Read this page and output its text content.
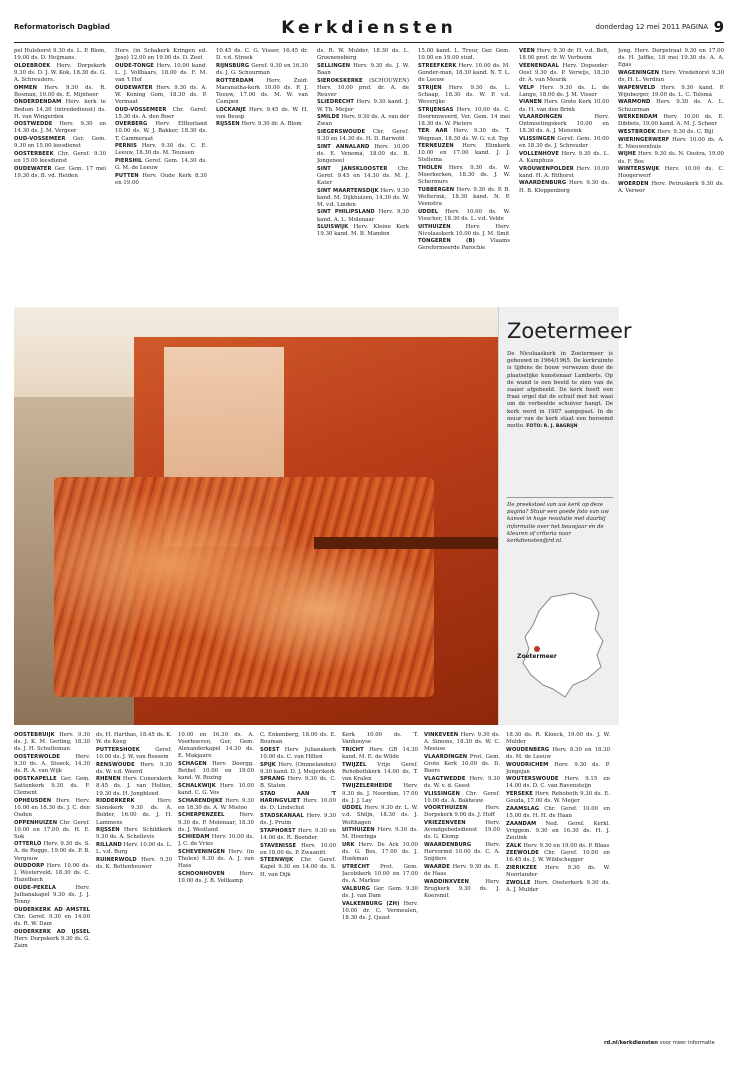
Reformatorisch Dagblad	Kerkdiensten	donderdag 12 mei 2011 PAGINA 9
pel Hulshorst 9.30 ds. L. P. Blom, 19.00 ds. D. Heijmans.
OLDEBROEK Herv. Dorpskerk 9.30 ds. D. J. W. Kok, 18.30 ds. G. A. Schreuders.
OMMEN Herv. 9.30 ds. R. Bosman, 19.00 ds. E. Mijnheer
ONDERDENDAM Herv. kerk te Bedum 14.30 (intrededienst) ds. H. van Wingerden
OOSTWEDDE Herv. 9.30 en 14.30 ds. J. M. Vergeer
OUD-VOSSEMEER Ger. Gem. 9.30 en 15.00 leesdienst
OOSTERBEEK Chr. Geref. 9.30 en 15.00 leesdienst
OUDEWATER Ger. Gem. 17 mei 19.30 ds. B. vd. Heiden
Herv. (in Schakerk Kringen ed. Jpso) 12.00 en 19.00 ds. D. Zeet
OUDE-TONGE Herv. 10.00 kand. L. J. Vollhaars, 18.00 ds. F. M. van 't Hof
OUDEWATER Herv. 9.30 ds. A. W. Koning Gom, 18.30 ds. P. Vermaat
OUD-VOSSEMEER Chr. Geref. 15.30 ds. A. den Boer
OVERBERG Herv. Elthorland 10.00 ds. W. J. Bakker, 18.30 ds. T. Cammeraat
PERNIS Herv. 9.30 ds. C. E. Leeuw, 18.30 ds. M. Teunsen
PIERSHIL Geref. Gem. 14.30 ds. G. M. de Leeuw
PUTTEN Herv. Oude Kerk 8.30 en 19.00
10.45 ds. C. G. Visser, 16.45 dr. D. v.d. Streek
RIJNSBURG Geref. 9.30 en 16.30 ds. J. G. Schuurman
ROTTERDAM Herv. Zuid: Maranatha-kerk 10.00 ds. P. J. Teeuw, 17.00 ds. M. W. van Campen
LOCKANJE Herv. 9.45 ds. W. H. van Beusp
RIJSSEN Herv. 9.30 dr. A. Blom
ds. R. W. Mulder, 18.30 ds. L. Groeneneberg
SELLINGEN Herv. 9.30 ds. J. W. Baan
SIEROKSKERKE (SCHOUWEN) Herv. 10.00 prof. dr. A. de Reuver
SLIEDRECHT Herv. 9.30 kand. J. W. Th. Meijer
SMILDE Herv. 9.30 ds. A. van der Zwan
SIEGERSWOUDE Chr. Geref. 9.30 en 14.30 ds. H. D. Barwold
SINT ANNALAND Herv. 10.00 ds. E. Venema, 18.00 ds. B. Jongeneel
SINT JANSKLOOSTER Chr. Geref. 9.45 en 14.30 ds. M. J. Kater
SINT MAARTENSDIJK Herv. 9.30 kand. M. Dijkhuizen, 14.30 ds. W. M. v.d. Linden
SINT PHILIPSLAND Herv. 9.30 kand. A. L. Molenaar
SLUISWIJK Herv. Kleine Kerk 19.30 kand. M. B. Manden
15.00 kand. L. Treur, Ger. Gem. 10.00 en 19.00 stud.
STREEFKERK Herv. 10.00 ds. M. Gonder-man, 18.30 kand. N. T. L. de Leeuw
STRIJEN Herv. 9.30 ds. L. Schaap, 18.30 ds. W. P. v.d. Weverijke
STRIJENSAS Herv. 10.00 ds. C. Doornmweerd, Ver. Gem. 14 mei 18.30 ds. W. Pieters
TER AAR Herv. 9.30 ds. T. Wegman, 18.30 ds. W. G. v.d. Top
TERNEUZEN Herv. Elimkerk 10.00 en 17.00 kand. J. J. Stellema
THOLEN Herv. 9.30 ds. W. Moerkerken, 18.30 ds. J. W. Schermurs
TUBBERGEN Herv. 9.30 ds. P. B. Wolterink, 18.30 kand. N. P. Veenstra
UDDEL Herv. 10.00 ds. W. Visscher, 18.30 ds. L. v.d. Velde
UITHUIZEN	Herv. Herv. Nicolaaskerk 10.00 ds. J. M. Smit
TONGEREN (B)	Vlaams Gereformeerde Parochie
VEEN Herv. 9.30 dr. H. v.d. Belt, 18.00 prof. dr. W. Verboom
VEENENDAAL Herv. Dopsoder-Oost 9.30 ds. P. Verwijs, 18.30 dr. A. van Mourik
VELP Herv. 9.30 ds. L. de Lange, 18.00 ds. J. M. Visser
VIANEN Herv. Grote Kerk 10.00 ds. H. van den Brink
VLAARDINGEN	Herv. Ontmoetingskerk 10.00 en 18.30 ds. A. J. Mensink
VLISSINGEN Geref. Gem. 10.00 en 18.30 ds. J. Schreuder
VOLLENHOVE Herv. 9.30 ds. L. A. Kamphuis
VROUWENPOLDER Herv. 10.00 kand. H. A. Hilhorst
WAARDENBURG Herv. 9.30 ds. H. B. Kloppenborg
Jong. Herv. Dorpstraat 9.30 en 17.00 ds. H. Jaffke, 18 mei 19.30 ds. A. A. Egas
WAGENINGEN Herv. Vredehorst 9.30 ds. H. L. Verdiun
WAPENVELD Herv. 9.30 kand. P. Wijnberger, 19.00 ds. L. C. Tolsma
WARMOND Herv. 9.30 ds. A. L. Schuurman
WERKENDAM Herv. 10.00 ds. E. Dibbets, 19.00 kand. A. M. J. Scheer
WESTBROEK Herv. 9.30 ds. C. Bijl
WIERINGERWERF Herv. 10.00 ds. A. E. Nieuwenhuis
WIJHE Herv. 9.30 ds. N. Oostra, 19.00 ds. F. Bos
WINTERSWIJK Herv. 10.00 ds. C. Hoogerwerf
WOERDEN Herv. Petruskerk 9.30 ds. A. Verwer
Zoetermeer
De Nicolaaskerk in Zoetermeer is gebouwd in 1964/1965. De kerkruimte is tijdens de bouw verwezen door de plaatselijke kunstenaar Lamberts. Op de wand is een beeld te zien van de zaaier afgebeeld. De kerk heeft een fraai orgel dat de schuif met het waai om de verbeelde schuiver hangt. De kerk werd in 1987 aangepast. In de muur van de kerk staat een beroemd motto. FOTO: R. J. BAGRIJN
De preekstoel van uw kerk op deze pagina? Stuur een goede foto van uw kansel in hoge resolutie met daarbij informatie over het bouwjaar en de kleuren of criteria naar kerkdiensten@rd.nl.
Zoetermeer
OOSTEBRUIJK Herv. 9.30 ds. J. K. M. Gerling, 18.30 ds. J. H. Schutteman
OOSTERWOLDE	Herv. 9.30 ds. A. Stoeck, 14.30 ds. R. A. van Wijk
OOSTKAPELLE Ger. Gem. Sattenkerk 9.30 ds. F. Clement
OPHEUSDEN Herv. Herv. 10.00 en 18.30 ds. J. C. den Ouden
OPPENHUIZEN Chr. Geref. 10.00 en 17.00 ds. H. E. Sok
OTTERLO Herv. 9.30 ds. S. A. de Rogge, 19.00 ds. P. B. Vergouw
OUDDORP Herv. 10.00 ds. J. Westerveld, 18.30 ds. C. Hazelbach
OUDE-PEKELA	Herv. Jullianakapel 9.30 ds. J. J. Tenny
OUDERKERK AD AMSTEL Chr. Geref. 9.30 en 14.00 ds. R. W. Dam
OUDERKERK AD IJSSEL Herv. Dorpskerk 9.30 ds. G. Zaim
ds. H. Harthas, 18.45 ds. K. W. de Keeg
PUTTERSHOEK	Geref. 10.00 ds. J. W. van Rossem
RENSWOUDE Herv. 9.30 ds. W. v.d. Weerd
RHENEN Herv. Cunerakerk 8.45 ds. J. van Holten, 19.30 ds. H. Jongbloed
RIDDERKERK	Herv. Sionskerk 9.30 ds. A. Bolder, 16.00 ds. J. H. Lammens
RIJSSEN Herv. Schildkerk 9.30 ds. A. Schellevis
RILLAND Herv. 10.00 ds. L. L. v.d. Burg
RUINERWOLD Herv. 9.30 ds. K. Bottenheuwer
10.00 en 16.30 ds. A. Voorhoeven, Ger. Gem. Alexanderkapel 14.30 ds. E. Makjauro
SCHAGEN Herv. Doorgg. Bethel 10.00 en 19.00 kand. W. Rozing
SCHALKWIJK Herv. 10.00 kand. C. G. Vos
SCHARENDIJKE Herv. 9.30 en 18.30 ds. A. W. Mieloo
SCHERPENZEEL	Herv. 9.30 ds. P. Molenaar, 18.30 ds. J. Westland
SCHIEDAM Herv. 10.00 ds. J. C. de Vries
SCHEVENINGEN Herv. (in Tholen) 9.30 ds. A. J. van Hass
SCHOONHOVEN	Herv. 10.00 ds. J. B. Veltkamp
C. Enkenberg, 18.00 ds. E. Bouman
SOEST Herv. Julianakerk 10.00 ds. C. van Hilten
SPIJK Herv. (Ommelanden) 9.30 kand. D. J. Meijerikerk
SPRANG Herv. 9.30 ds. C. B. Staten
STAD AAN 'T HARINGVLIET Herv. 10.00 ds. D. Lindschut
STADSKANAAL Herv. 9.30 ds. J. Pruim
STAPHORST Herv. 9.30 en 14.00 ds. R. Boender
STAVENISSE Herv. 10.00 en 18.00 ds. P. Zwaanitt
STEENWIJK Chr. Geref. Kapel 9.30 en 14.00 ds. S. H. van Dijk
Kerk 10.00 ds. T. Vanhooyse
TRICHT Herv. GB 14.30 kand. M. E. de Wilde
TWIJZEL Vrije Geref. Rehobothkerk 14.00 ds. T. van Kralen
TWIJZELERHEIDE Herv. 9.30 ds. J. Noordam, 17.00 ds. J. J. Lay
UDDEL Herv. 9.30 dr. L. W. v.d. Shiljn, 18.30 ds. J. Wolthagen
UITHUIZEN Herv. 9.30 ds. M. Heeringa
URK Herv. De Ark 10.00 ds. G. Bos, 17.00 ds. J. Hoekman
UTRECHT Prot. Gem. Jacobikerk 10.00 en 17.00 ds. A. Markus
VALBURG Ger. Gem. 9.30 ds. J. van Dam
VALKENBURG (ZH) Herv. 10.00 dr. C. Vermeulen, 18.30 ds. J. Quast
VINKEVEEN Herv. 9.30 ds. A. Simons, 18.30 ds. W. C. Meeuse
VLAARDINGEN Prot. Gem. Grote Kerk 10.00 ds. D. Boers
VLAGTWEDDE Herv. 9.30 ds. W. v. d. Geest
VLISSINGEN Chr. Geref. 10.00 ds. A. Bakheuw
VOORTHUIZEN	Herv. Dorpskerk 9.00 ds. J. Hoff
VRIEZENVEEN	Herv. Avondgebedsdienst 19.00 ds. G. Klomp
WAARDENBURG	Herv. Hervormd 10.00 ds. C. A. Snijders
WAARDE Herv. 9.30 ds. E. de Haas
WADDINXVEEN	Herv. Brugkerk 9.30 ds. J. Koersmit
18.30 ds. R. Kloeck, 19.00 ds. J. W. Mulder
WOUDENBERG Herv. 8.30 en 18.30 ds. M. de Leeuw
WOUDRICHEM Herv. 9.30 ds. P. Jongejan
WOUTERSWOUDE Herv. 9.15 en 14.00 ds. D. C. van Ravensteijn
YERSEKE Herv. Rehoboth 9.30 ds. E. Gouda, 17.00 ds. W. Meijer
ZAAMSLAG Chr. Geref. 10.00 en 15.00 ds. H. H. de Haan
ZAANDAM Ned. Geref. Kerkl. Vriggem. 9.30 en 16.30 ds. H. J. Zeutink
ZALK Herv. 9.30 en 19.00 ds. P. Blaas
ZEEWOLDE Chr. Geref. 10.00 en 16.45 ds. J. W. Wildschegger
ZIERIKZEE Herv. 9.30 ds. W. Noorlander
ZWOLLE Herv. Oosterkerk 9.30 ds. A. J. Mulder
rd.nl/kerkdiensten voor meer informatie
